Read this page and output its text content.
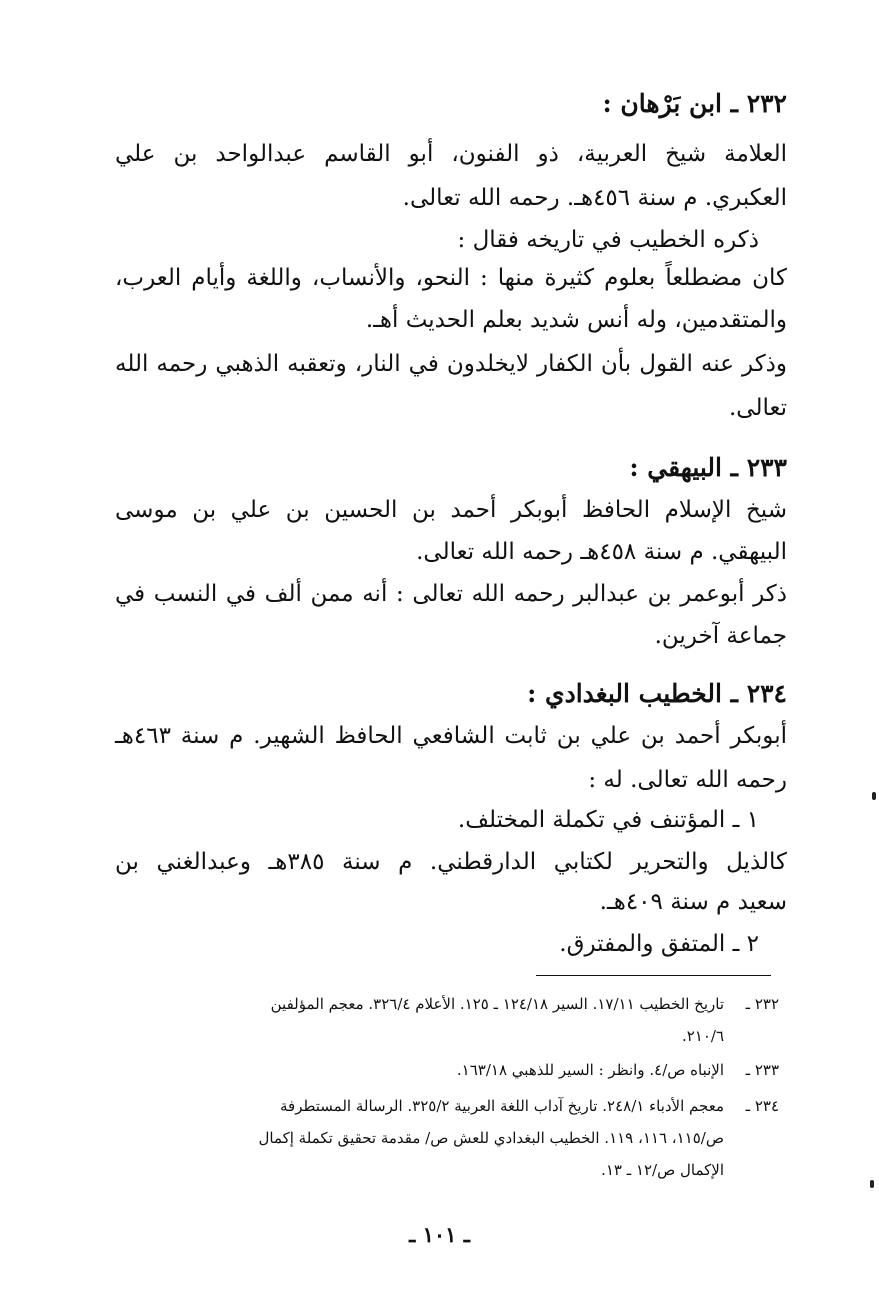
٢٣٢ ـ ابن بَرْهان :
العلامة شيخ العربية، ذو الفنون، أبو القاسم عبدالواحد بن علي
العكبري. م سنة ٤٥٦هـ. رحمه الله تعالى.
ذكره الخطيب في تاريخه فقال :
كان مضطلعاً بعلوم كثيرة منها : النحو، والأنساب، واللغة وأيام العرب،
والمتقدمين، وله أنس شديد بعلم الحديث أهـ.
وذكر عنه القول بأن الكفار لايخلدون في النار، وتعقبه الذهبي رحمه الله
تعالى.
٢٣٣ ـ البيهقي :
شيخ الإسلام الحافظ أبوبكر أحمد بن الحسين بن علي بن موسى
البيهقي. م سنة ٤٥٨هـ رحمه الله تعالى.
ذكر أبوعمر بن عبدالبر رحمه الله تعالى : أنه ممن ألف في النسب في
جماعة آخرين.
٢٣٤ ـ الخطيب البغدادي :
أبوبكر أحمد بن علي بن ثابت الشافعي الحافظ الشهير. م سنة ٤٦٣هـ
رحمه الله تعالى. له :
١ ـ المؤتنف في تكملة المختلف.
كالذيل والتحرير لكتابي الدارقطني. م سنة ٣٨٥هـ وعبدالغني بن
سعيد م سنة ٤٠٩هـ.
٢ ـ المتفق والمفترق.
٢٣٢ ـتاريخ الخطيب ١٧/١١. السير ١٢٤/١٨ ـ ١٢٥. الأعلام ٣٢٦/٤. معجم المؤلفين
٢١٠/٦.
٢٣٣ ـالإنباه ص/٤. وانظر : السير للذهبي ١٦٣/١٨.
٢٣٤ ـمعجم الأدباء ٢٤٨/١. تاريخ آداب اللغة العربية ٣٢٥/٢. الرسالة المستطرفة
ص/١١٥، ١١٦، ١١٩. الخطيب البغدادي للعش ص/ مقدمة تحقيق تكملة إكمال
الإكمال ص/١٢ ـ ١٣.
ـ ١٠١ ـ
